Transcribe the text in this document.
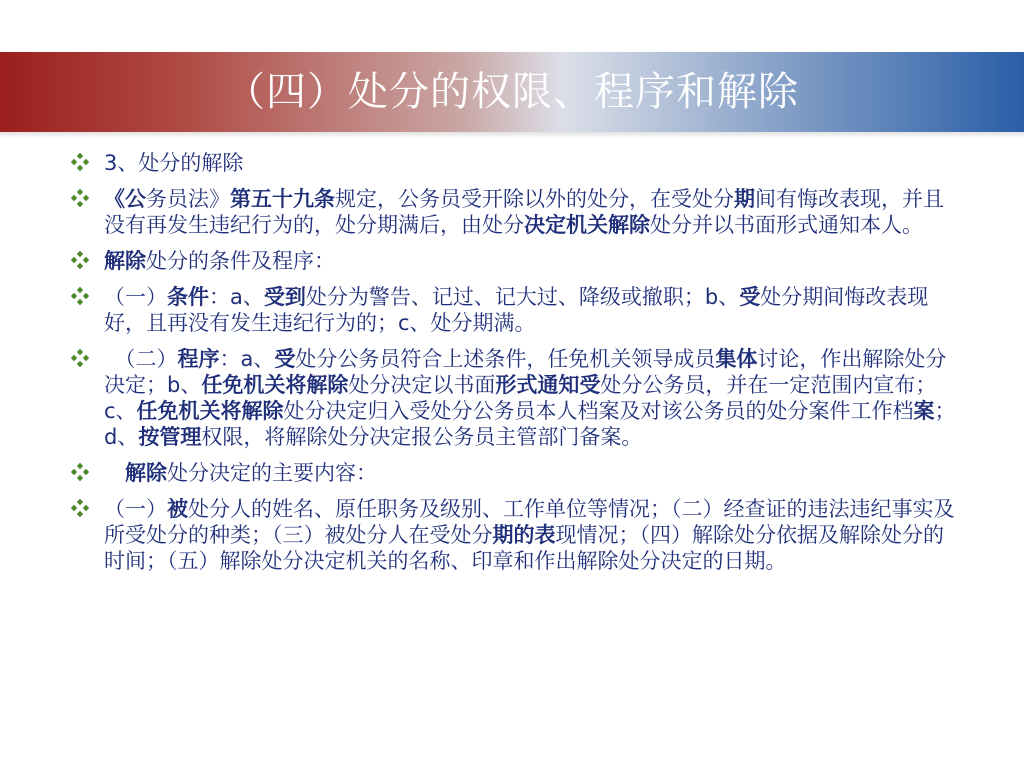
（四）处分的权限、程序和解除
3、处分的解除
《公务员法》第五十九条规定，公务员受开除以外的处分，在受处分期间有悔改表现，并且没有再发生违纪行为的，处分期满后，由处分决定机关解除处分并以书面形式通知本人。
解除处分的条件及程序：
（一）条件：a、受到处分为警告、记过、记大过、降级或撤职；b、受处分期间悔改表现好，且再没有发生违纪行为的；c、处分期满。
　（二）程序：a、受处分公务员符合上述条件，任免机关领导成员集体讨论，作出解除处分决定；b、任免机关将解除处分决定以书面形式通知受处分公务员，并在一定范围内宣布；c、任免机关将解除处分决定归入受处分公务员本人档案及对该公务员的处分案件工作档案；d、按管理权限，将解除处分决定报公务员主管部门备案。
　解除处分决定的主要内容：
（一）被处分人的姓名、原任职务及级别、工作单位等情况；（二）经查证的违法违纪事实及所受处分的种类；（三）被处分人在受处分期的表现情况；（四）解除处分依据及解除处分的时间；（五）解除处分决定机关的名称、印章和作出解除处分决定的日期。
